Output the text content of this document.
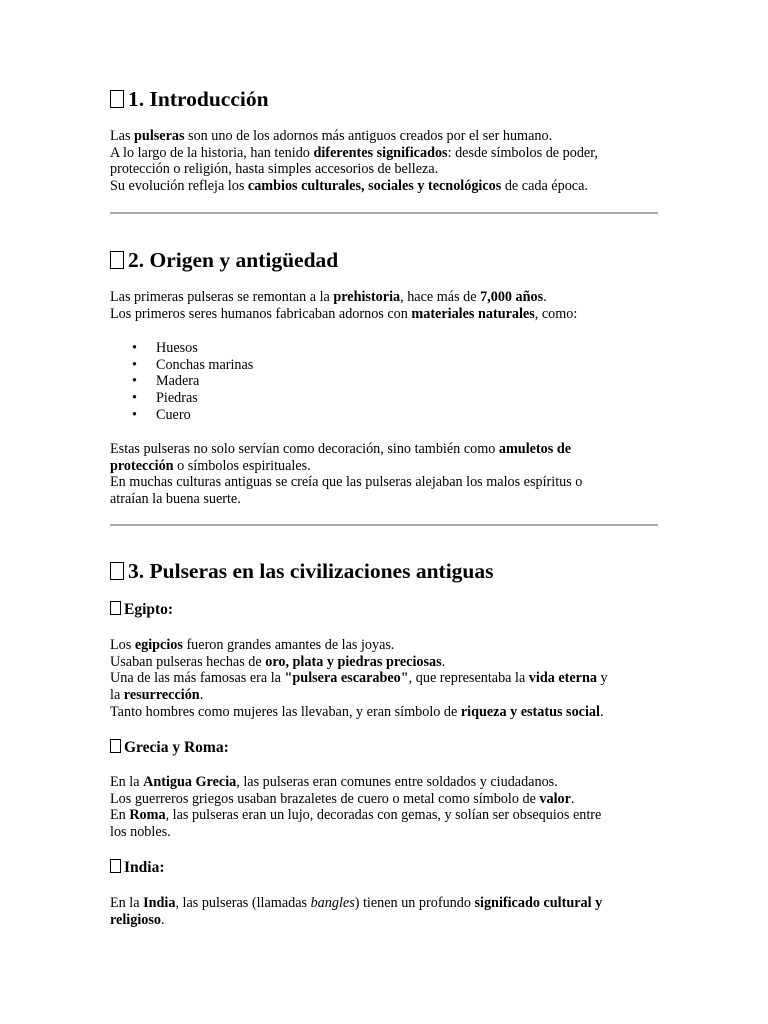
1. Introducción

Las pulseras son uno de los adornos más antiguos creados por el ser humano.
A lo largo de la historia, han tenido diferentes significados: desde símbolos de poder,
protección o religión, hasta simples accesorios de belleza.
Su evolución refleja los cambios culturales, sociales y tecnológicos de cada época.

2. Origen y antigüedad

Las primeras pulseras se remontan a la prehistoria, hace más de 7,000 años.
Los primeros seres humanos fabricaban adornos con materiales naturales, como:

• Huesos
• Conchas marinas
• Madera
• Piedras
• Cuero

Estas pulseras no solo servían como decoración, sino también como amuletos de
protección o símbolos espirituales.
En muchas culturas antiguas se creía que las pulseras alejaban los malos espíritus o
atraían la buena suerte.

3. Pulseras en las civilizaciones antiguas
Egipto:

Los egipcios fueron grandes amantes de las joyas.
Usaban pulseras hechas de oro, plata y piedras preciosas.
Una de las más famosas era la "pulsera escarabeo", que representaba la vida eterna y
la resurrección.
Tanto hombres como mujeres las llevaban, y eran símbolo de riqueza y estatus social.

Grecia y Roma:

En la Antigua Grecia, las pulseras eran comunes entre soldados y ciudadanos.
Los guerreros griegos usaban brazaletes de cuero o metal como símbolo de valor.
En Roma, las pulseras eran un lujo, decoradas con gemas, y solían ser obsequios entre
los nobles.

India:

En la India, las pulseras (llamadas bangles) tienen un profundo significado cultural y
religioso.
